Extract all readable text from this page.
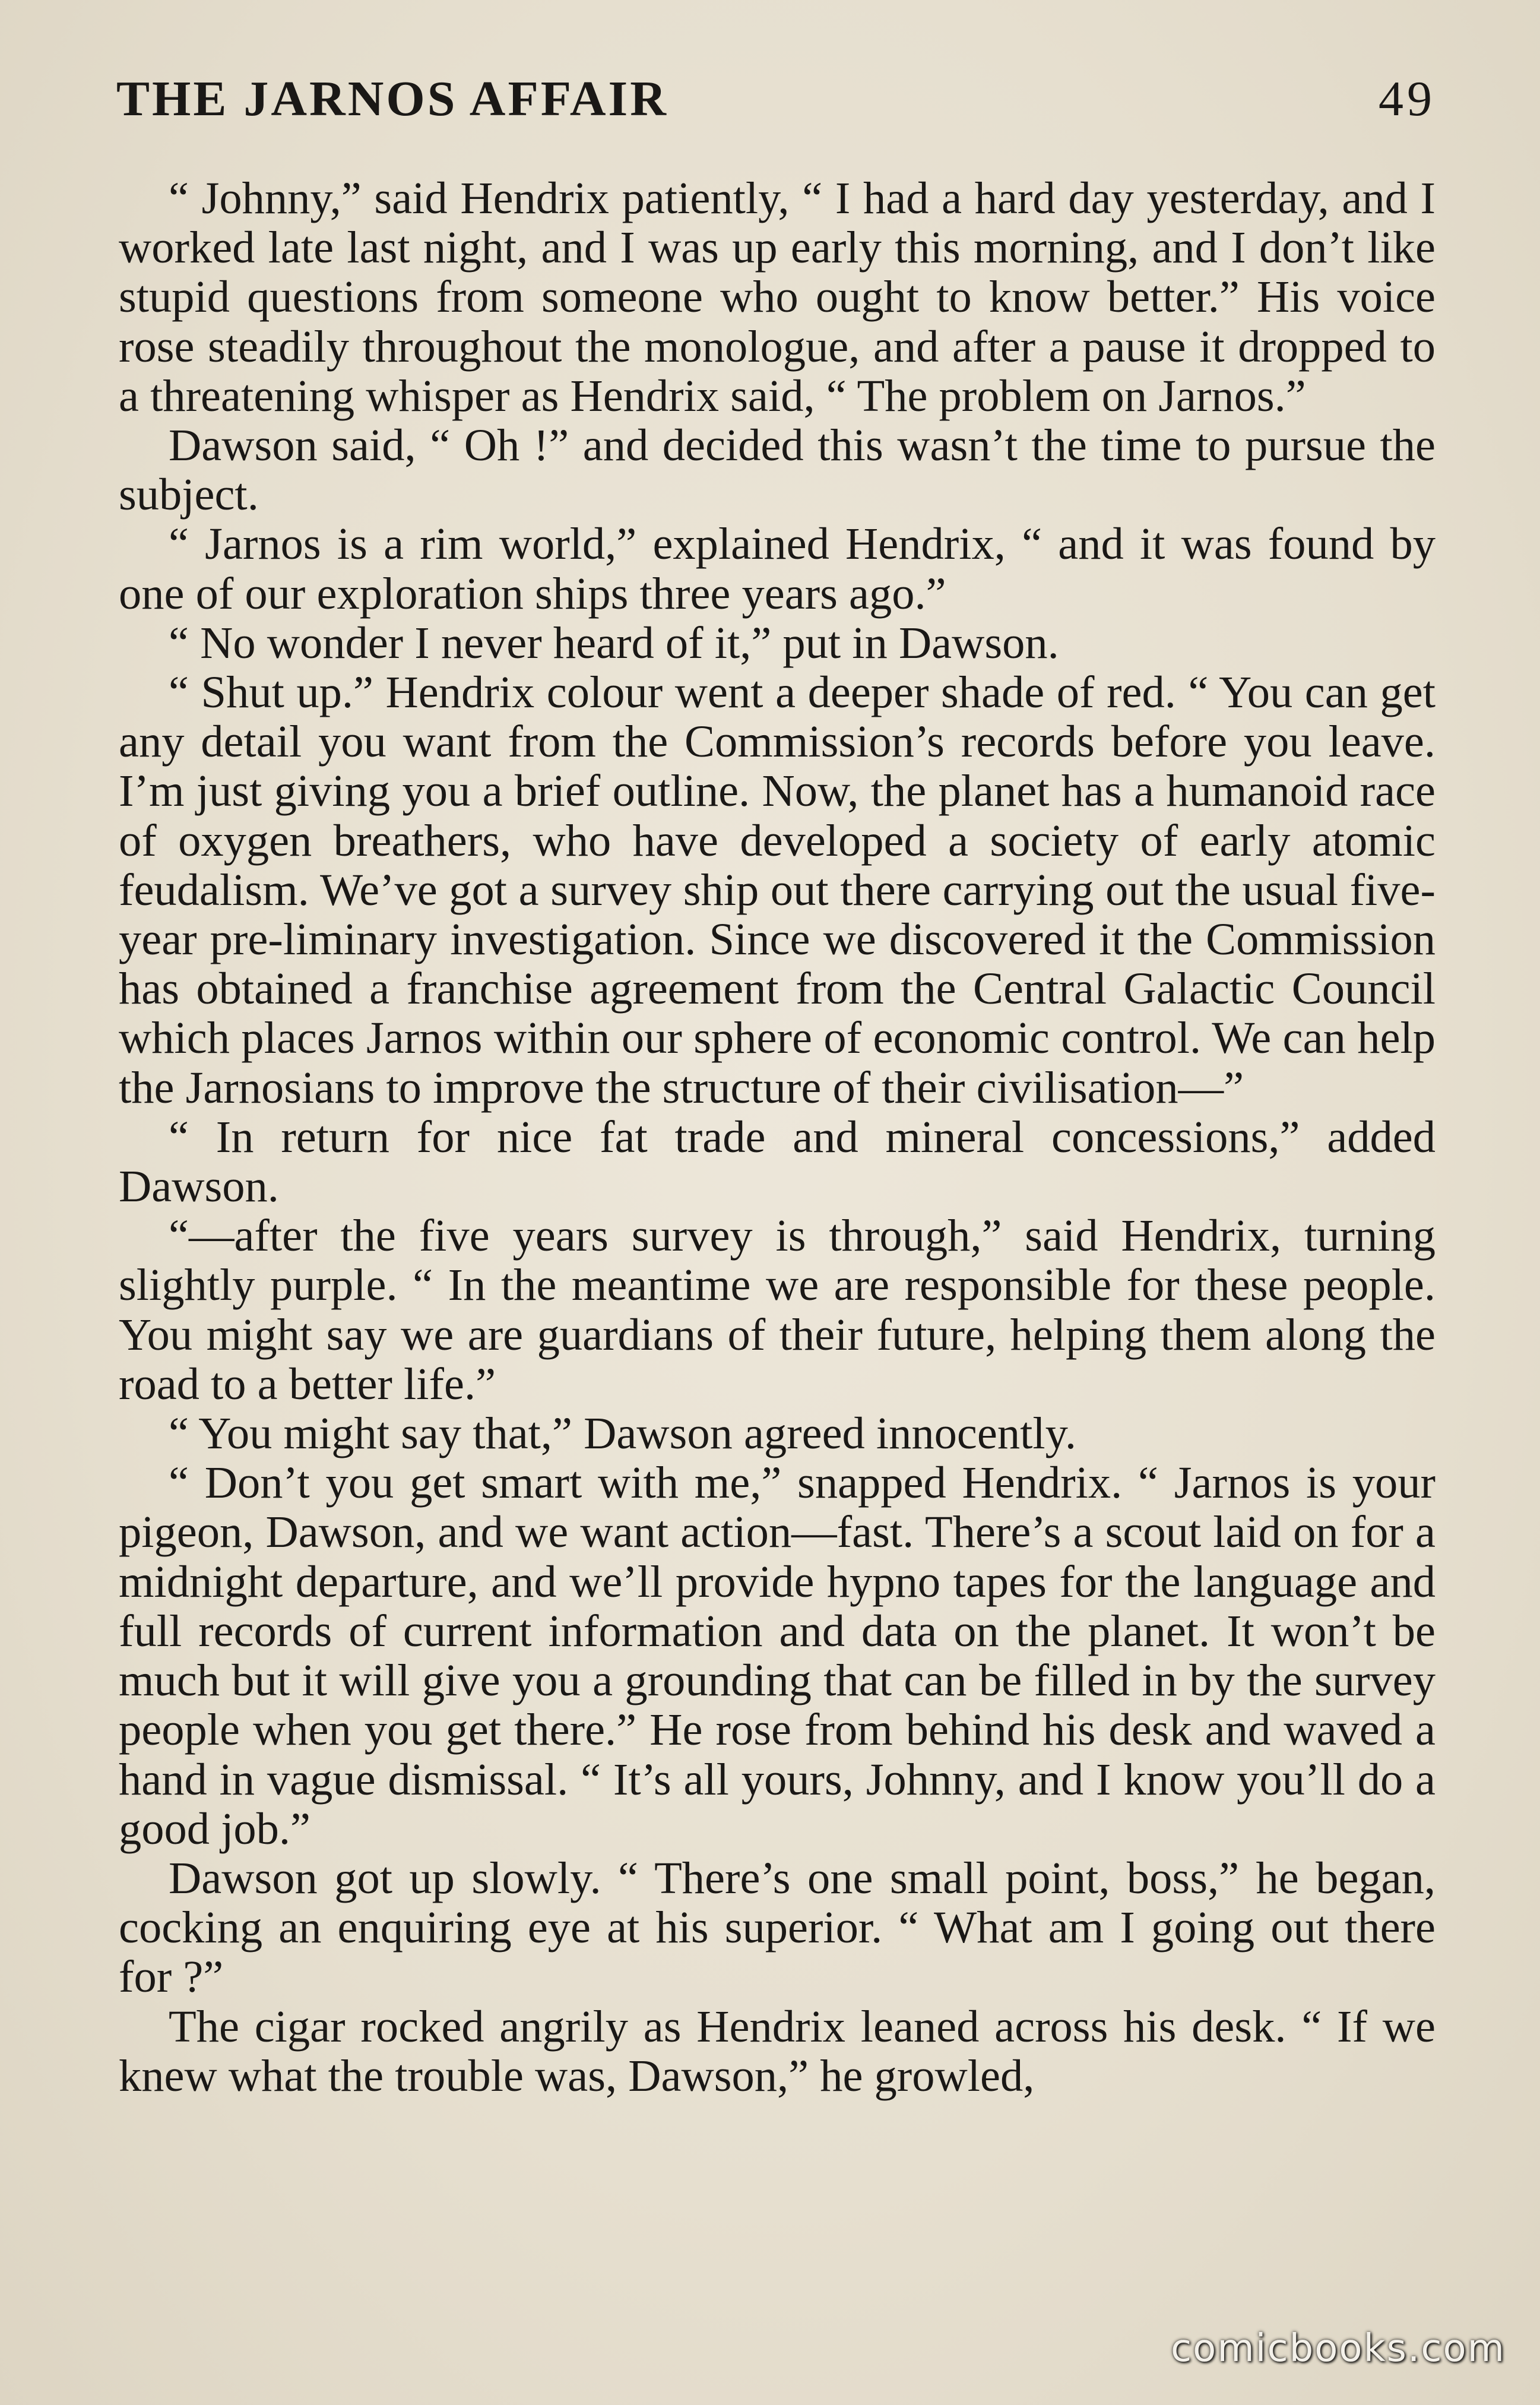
THE JARNOS AFFAIR	49

“ Johnny,” said Hendrix patiently, “ I had a hard day yesterday, and I worked late last night, and I was up early this morning, and I don’t like stupid questions from someone who ought to know better.” His voice rose steadily throughout the monologue, and after a pause it dropped to a threatening whisper as Hendrix said, “ The problem on Jarnos.”

Dawson said, “ Oh !” and decided this wasn’t the time to pursue the subject.

“ Jarnos is a rim world,” explained Hendrix, “ and it was found by one of our exploration ships three years ago.”

“ No wonder I never heard of it,” put in Dawson.

“ Shut up.” Hendrix colour went a deeper shade of red. “ You can get any detail you want from the Commission’s records before you leave. I’m just giving you a brief outline. Now, the planet has a humanoid race of oxygen breathers, who have developed a society of early atomic feudalism. We’ve got a survey ship out there carrying out the usual five-year pre-liminary investigation. Since we discovered it the Commission has obtained a franchise agreement from the Central Galactic Council which places Jarnos within our sphere of economic control. We can help the Jarnosians to improve the structure of their civilisation—”

“ In return for nice fat trade and mineral concessions,” added Dawson.

“—after the five years survey is through,” said Hendrix, turning slightly purple. “ In the meantime we are responsible for these people. You might say we are guardians of their future, helping them along the road to a better life.”

“ You might say that,” Dawson agreed innocently.

“ Don’t you get smart with me,” snapped Hendrix. “ Jarnos is your pigeon, Dawson, and we want action—fast. There’s a scout laid on for a midnight departure, and we’ll provide hypno tapes for the language and full records of current information and data on the planet. It won’t be much but it will give you a grounding that can be filled in by the survey people when you get there.” He rose from behind his desk and waved a hand in vague dismissal. “ It’s all yours, Johnny, and I know you’ll do a good job.”

Dawson got up slowly. “ There’s one small point, boss,” he began, cocking an enquiring eye at his superior. “ What am I going out there for ?”

The cigar rocked angrily as Hendrix leaned across his desk. “ If we knew what the trouble was, Dawson,” he growled,

comicbooks.com
